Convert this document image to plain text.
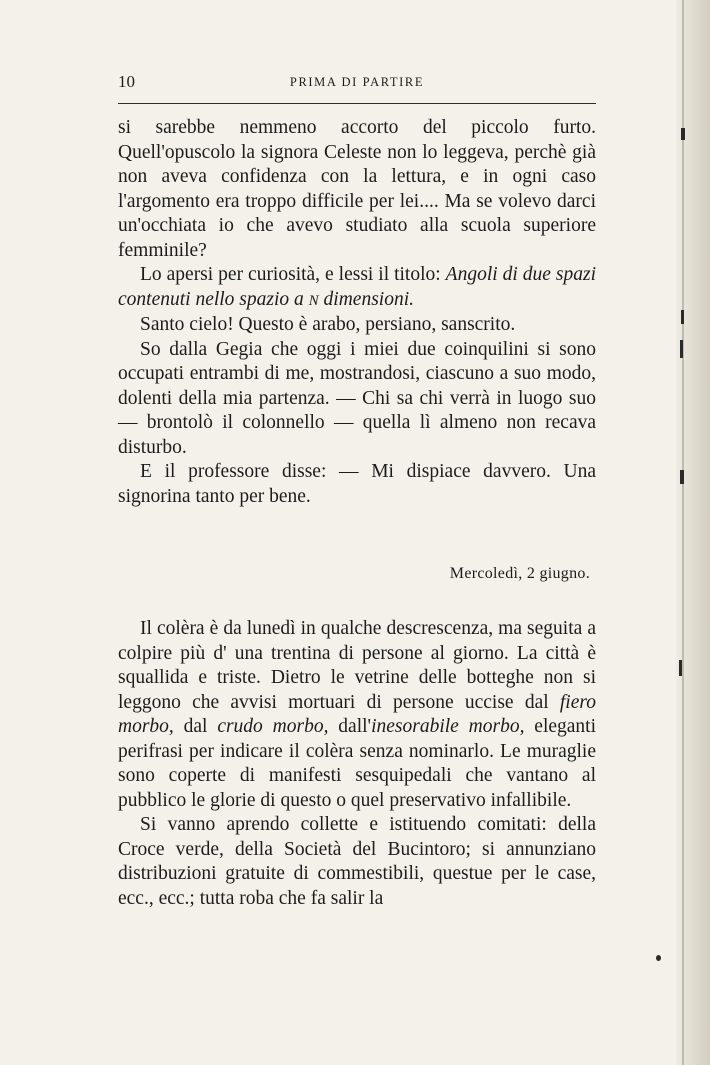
10	PRIMA DI PARTIRE

si sarebbe nemmeno accorto del piccolo furto. Quell'opuscolo la signora Celeste non lo leggeva, perchè già non aveva confidenza con la lettura, e in ogni caso l'argomento era troppo difficile per lei.... Ma se volevo darci un'occhiata io che avevo studiato alla scuola superiore femminile?

Lo apersi per curiosità, e lessi il titolo: Angoli di due spazi contenuti nello spazio a N dimensioni.

Santo cielo! Questo è arabo, persiano, sanscrito.

So dalla Gegia che oggi i miei due coinquilini si sono occupati entrambi di me, mostrandosi, ciascuno a suo modo, dolenti della mia partenza. — Chi sa chi verrà in luogo suo — brontolò il colonnello — quella lì almeno non recava disturbo.

E il professore disse: — Mi dispiace davvero. Una signorina tanto per bene.

Mercoledì, 2 giugno.

Il colèra è da lunedì in qualche descrescenza, ma seguita a colpire più d' una trentina di persone al giorno. La città è squallida e triste. Dietro le vetrine delle botteghe non si leggono che avvisi mortuari di persone uccise dal fiero morbo, dal crudo morbo, dall'inesorabile morbo, eleganti perifrasi per indicare il colèra senza nominarlo. Le muraglie sono coperte di manifesti sesquipedali che vantano al pubblico le glorie di questo o quel preservativo infallibile.

Si vanno aprendo collette e istituendo comitati: della Croce verde, della Società del Bucintoro; si annunziano distribuzioni gratuite di commestibili, questue per le case, ecc., ecc.; tutta roba che fa salir la
